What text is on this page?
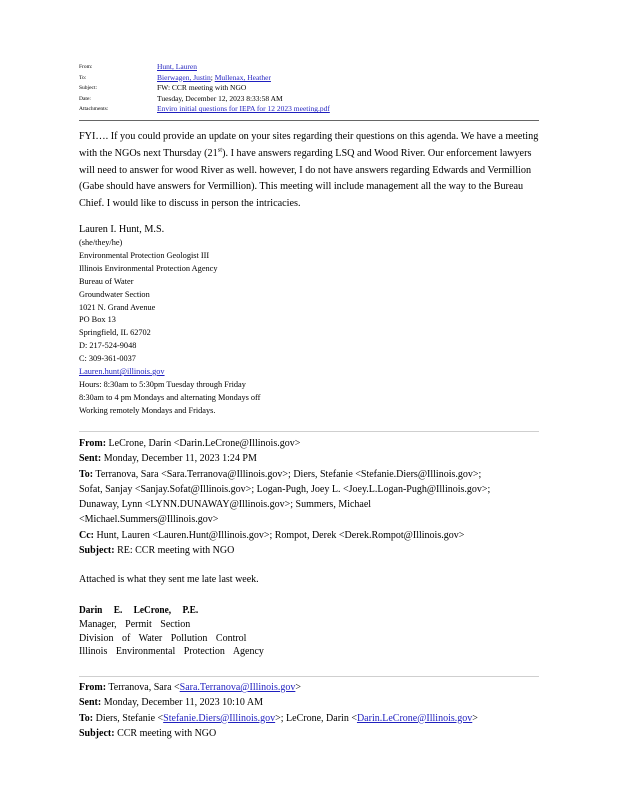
From:	Hunt, Lauren
To:	Bierwagen, Justin; Mullenax, Heather
Subject:	FW: CCR meeting with NGO
Date:	Tuesday, December 12, 2023 8:33:58 AM
Attachments:	Enviro initial questions for IEPA for 12 2023 meeting.pdf

FYI…. If you could provide an update on your sites regarding their questions on this agenda. We have a meeting with the NGOs next Thursday (21st). I have answers regarding LSQ and Wood River. Our enforcement lawyers will need to answer for wood River as well. however, I do not have answers regarding Edwards and Vermillion (Gabe should have answers for Vermillion). This meeting will include management all the way to the Bureau Chief. I would like to discuss in person the intricacies.

Lauren I. Hunt, M.S.
(she/they/he)
Environmental Protection Geologist III
Illinois Environmental Protection Agency
Bureau of Water
Groundwater Section
1021 N. Grand Avenue
PO Box 13
Springfield, IL 62702
D: 217-524-9048
C: 309-361-0037
Lauren.hunt@illinois.gov
Hours: 8:30am to 5:30pm Tuesday through Friday
8:30am to 4 pm Mondays and alternating Mondays off
Working remotely Mondays and Fridays.
From: LeCrone, Darin <Darin.LeCrone@Illinois.gov>
Sent: Monday, December 11, 2023 1:24 PM
To: Terranova, Sara <Sara.Terranova@Illinois.gov>; Diers, Stefanie <Stefanie.Diers@Illinois.gov>;
Sofat, Sanjay <Sanjay.Sofat@Illinois.gov>; Logan-Pugh, Joey L. <Joey.L.Logan-Pugh@Illinois.gov>;
Dunaway, Lynn <LYNN.DUNAWAY@Illinois.gov>; Summers, Michael
<Michael.Summers@Illinois.gov>
Cc: Hunt, Lauren <Lauren.Hunt@Illinois.gov>; Rompot, Derek <Derek.Rompot@Illinois.gov>
Subject: RE: CCR meeting with NGO
Attached is what they sent me late last week.
Darin E. LeCrone, P.E.
Manager, Permit Section
Division of Water Pollution Control
Illinois Environmental Protection Agency
From: Terranova, Sara <Sara.Terranova@Illinois.gov>
Sent: Monday, December 11, 2023 10:10 AM
To: Diers, Stefanie <Stefanie.Diers@Illinois.gov>; LeCrone, Darin <Darin.LeCrone@Illinois.gov>
Subject: CCR meeting with NGO
